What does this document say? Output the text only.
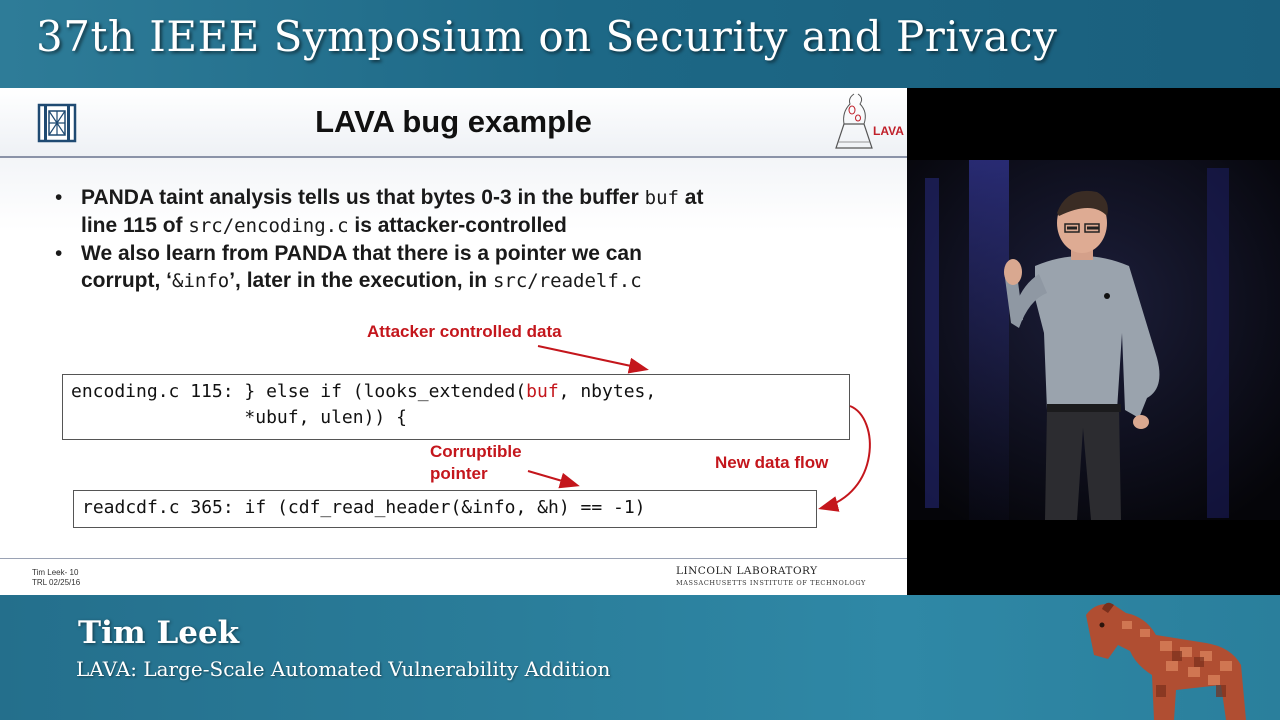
37th IEEE Symposium on Security and Privacy
LAVA bug example	LAVA
• PANDA taint analysis tells us that bytes 0-3 in the buffer buf at
line 115 of src/encoding.c is attacker-controlled
• We also learn from PANDA that there is a pointer we can
corrupt, ‘&info’, later in the execution, in src/readelf.c
Attacker controlled data
encoding.c 115: } else if (looks_extended(buf, nbytes,
*ubuf, ulen)) {
Corruptible
pointer
New data flow
readcdf.c 365: if (cdf_read_header(&info, &h) == -1)
Tim Leek- 10
TRL 02/25/16
LINCOLN LABORATORY
MASSACHUSETTS INSTITUTE OF TECHNOLOGY
Tim Leek
LAVA: Large-Scale Automated Vulnerability Addition
